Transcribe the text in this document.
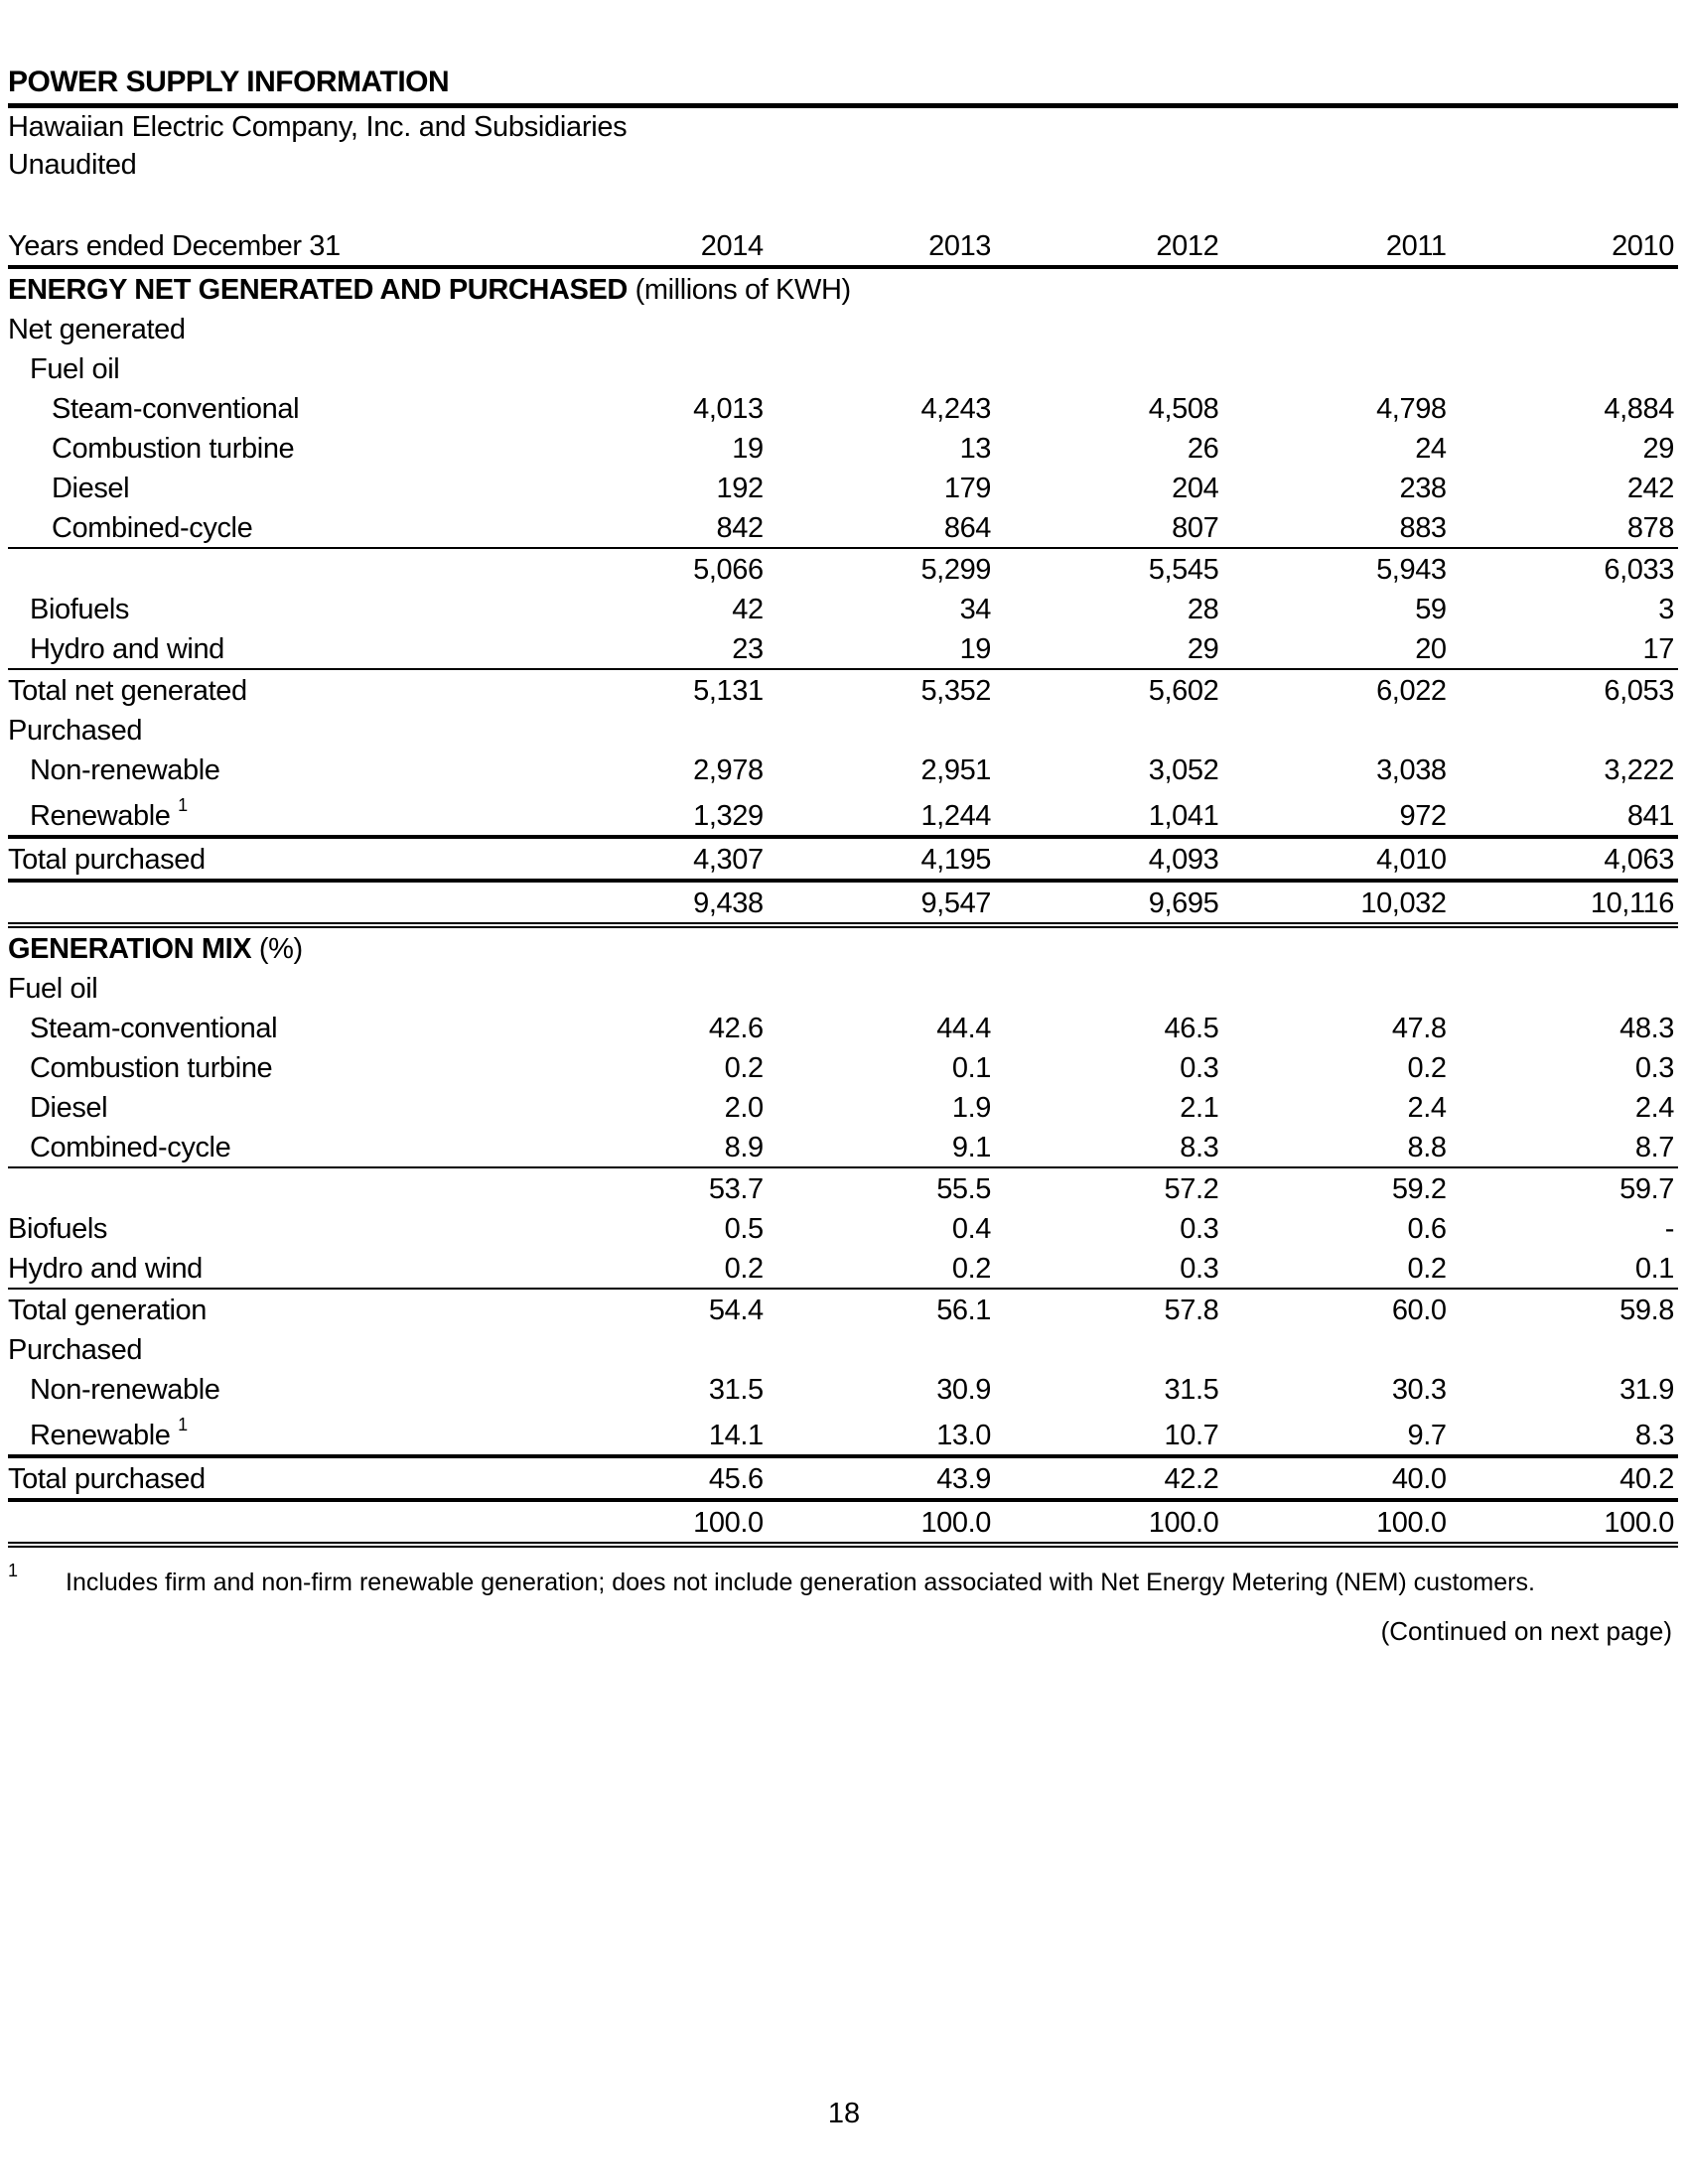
POWER SUPPLY INFORMATION
Hawaiian Electric Company, Inc. and Subsidiaries
Unaudited
Years ended December 31	2014	2013	2012	2011	2010
ENERGY NET GENERATED AND PURCHASED (millions of KWH)					
Net generated					
Fuel oil					
Steam-conventional	4,013	4,243	4,508	4,798	4,884
Combustion turbine	19	13	26	24	29
Diesel	192	179	204	238	242
Combined-cycle	842	864	807	883	878
	5,066	5,299	5,545	5,943	6,033
Biofuels	42	34	28	59	3
Hydro and wind	23	19	29	20	17
Total net generated	5,131	5,352	5,602	6,022	6,053
Purchased					
Non-renewable	2,978	2,951	3,052	3,038	3,222
Renewable $^1$	1,329	1,244	1,041	972	841
Total purchased	4,307	4,195	4,093	4,010	4,063
	9,438	9,547	9,695	10,032	10,116
GENERATION MIX (%)					
Fuel oil					
Steam-conventional	42.6	44.4	46.5	47.8	48.3
Combustion turbine	0.2	0.1	0.3	0.2	0.3
Diesel	2.0	1.9	2.1	2.4	2.4
Combined-cycle	8.9	9.1	8.3	8.8	8.7
	53.7	55.5	57.2	59.2	59.7
Biofuels	0.5	0.4	0.3	0.6	-
Hydro and wind	0.2	0.2	0.3	0.2	0.1
Total generation	54.4	56.1	57.8	60.0	59.8
Purchased					
Non-renewable	31.5	30.9	31.5	30.3	31.9
Renewable $^1$	14.1	13.0	10.7	9.7	8.3
Total purchased	45.6	43.9	42.2	40.0	40.2
	100.0	100.0	100.0	100.0	100.0
1 Includes firm and non-firm renewable generation; does not include generation associated with Net Energy Metering (NEM) customers.
(Continued on next page)
18
